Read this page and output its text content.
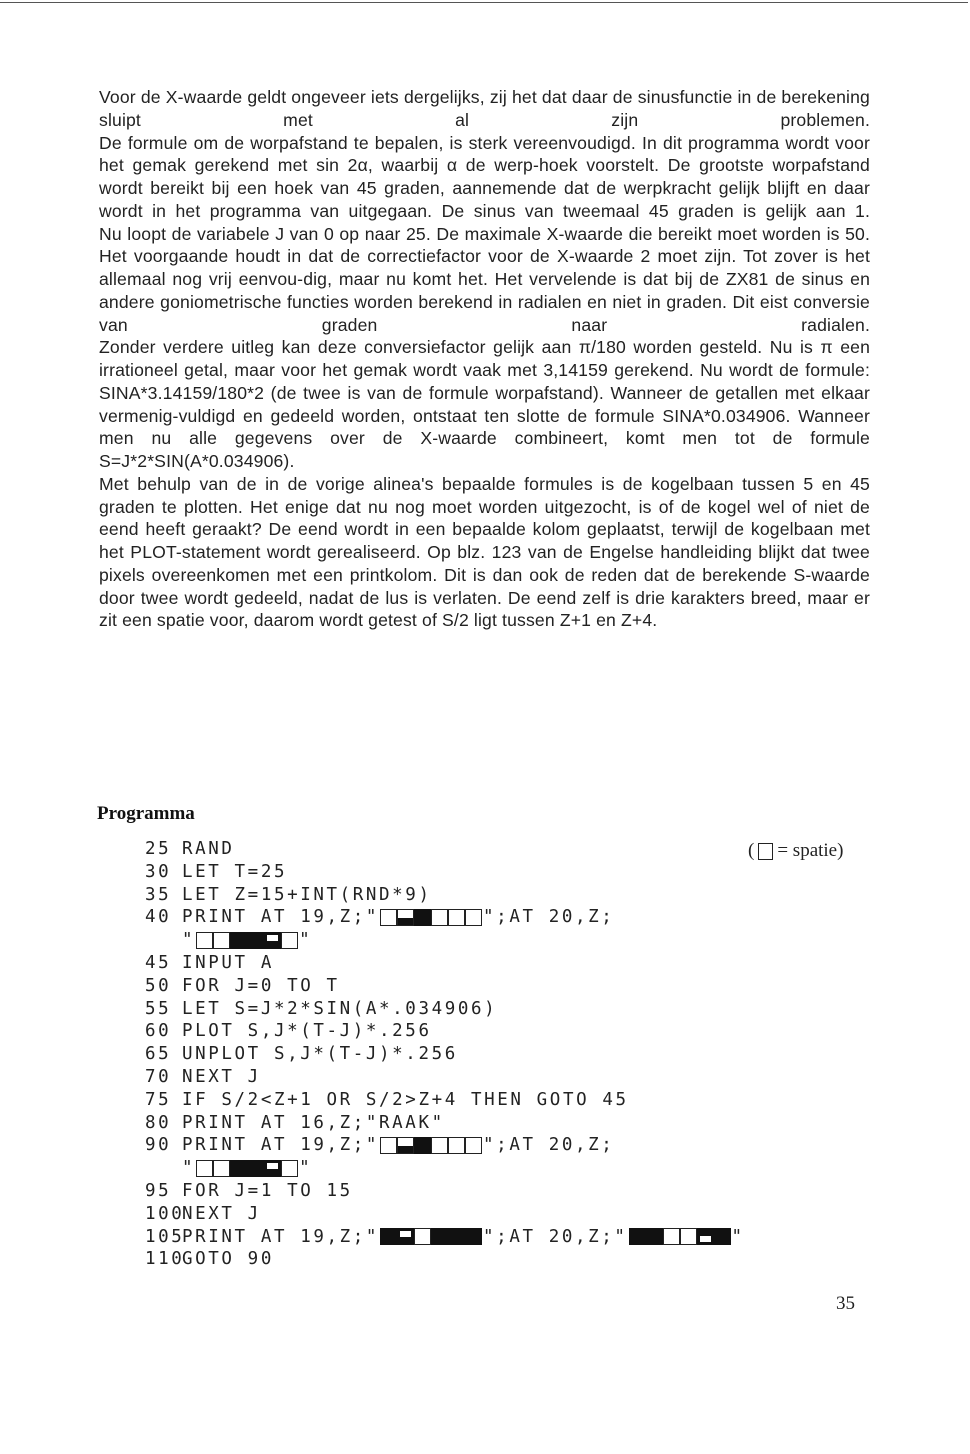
Voor de X-waarde geldt ongeveer iets dergelijks, zij het dat daar de sinusfunctie in de berekening sluipt met al zijn problemen.

De formule om de worpafstand te bepalen, is sterk vereenvoudigd. In dit programma wordt voor het gemak gerekend met sin 2α, waarbij α de werp-hoek voorstelt. De grootste worpafstand wordt bereikt bij een hoek van 45 graden, aannemende dat de werpkracht gelijk blijft en daar wordt in het programma van uitgegaan. De sinus van tweemaal 45 graden is gelijk aan 1.

Nu loopt de variabele J van 0 op naar 25. De maximale X-waarde die bereikt moet worden is 50. Het voorgaande houdt in dat de correctiefactor voor de X-waarde 2 moet zijn. Tot zover is het allemaal nog vrij eenvou-dig, maar nu komt het. Het vervelende is dat bij de ZX81 de sinus en andere goniometrische functies worden berekend in radialen en niet in graden. Dit eist conversie van graden naar radialen.

Zonder verdere uitleg kan deze conversiefactor gelijk aan π/180 worden gesteld. Nu is π een irrationeel getal, maar voor het gemak wordt vaak met 3,14159 gerekend. Nu wordt de formule: SINA*3.14159/180*2 (de twee is van de formule worpafstand). Wanneer de getallen met elkaar vermenig-vuldigd en gedeeld worden, ontstaat ten slotte de formule SINA*0.034906. Wanneer men nu alle gegevens over de X-waarde combineert, komt men tot de formule S=J*2*SIN(A*0.034906).

Met behulp van de in de vorige alinea's bepaalde formules is de kogelbaan tussen 5 en 45 graden te plotten. Het enige dat nu nog moet worden uitgezocht, is of de kogel wel of niet de eend heeft geraakt? De eend wordt in een bepaalde kolom geplaatst, terwijl de kogelbaan met het PLOT-statement wordt gerealiseerd. Op blz. 123 van de Engelse handleiding blijkt dat twee pixels overeenkomen met een printkolom. Dit is dan ook de reden dat de berekende S-waarde door twee wordt gedeeld, nadat de lus is verlaten. De eend zelf is drie karakters breed, maar er zit een spatie voor, daarom wordt getest of S/2 ligt tussen Z+1 en Z+4.

Programma
( = spatie)
25 RAND
30 LET T=25
35 LET Z=15+INT(RND*9)
40 PRINT AT 19,Z;"	";AT 20,Z;
"	"
45 INPUT A
50 FOR J=0 TO T
55 LET S=J*2*SIN(A*.034906)
60 PLOT S,J*(T-J)*.256
65 UNPLOT S,J*(T-J)*.256
70 NEXT J
75 IF S/2<Z+1 OR S/2>Z+4 THEN GOTO 45
80 PRINT AT 16,Z;"RAAK"
90 PRINT AT 19,Z;"	";AT 20,Z;
"	"
95 FOR J=1 TO 15
100
NEXT J
105
PRINT AT 19,Z;"	";AT 20,Z;"	"
110
GOTO 90
35
